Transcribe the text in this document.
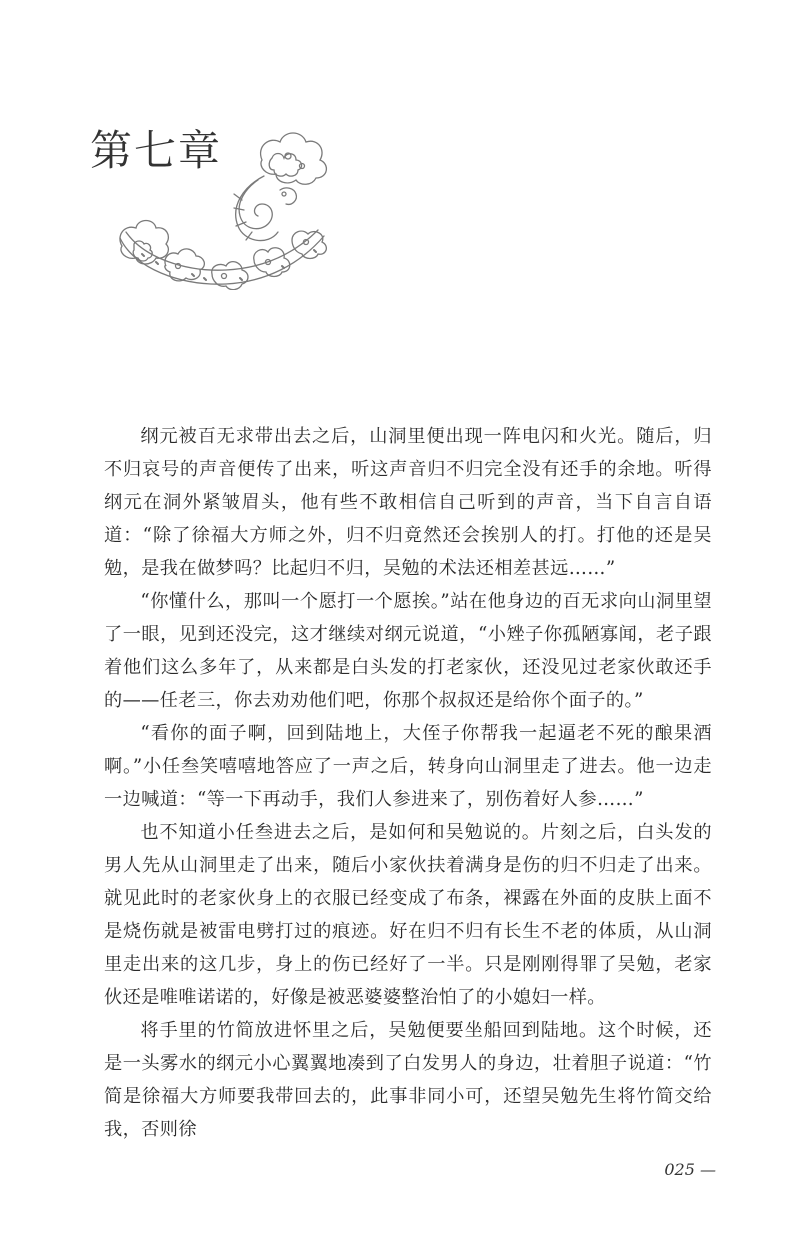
第七章

纲元被百无求带出去之后，山洞里便出现一阵电闪和火光。随后，归不归哀号的声音便传了出来，听这声音归不归完全没有还手的余地。听得纲元在洞外紧皱眉头，他有些不敢相信自己听到的声音，当下自言自语道：“除了徐福大方师之外，归不归竟然还会挨别人的打。打他的还是吴勉，是我在做梦吗？比起归不归，吴勉的术法还相差甚远……”

“你懂什么，那叫一个愿打一个愿挨。”站在他身边的百无求向山洞里望了一眼，见到还没完，这才继续对纲元说道，“小矬子你孤陋寡闻，老子跟着他们这么多年了，从来都是白头发的打老家伙，还没见过老家伙敢还手的——任老三，你去劝劝他们吧，你那个叔叔还是给你个面子的。”

“看你的面子啊，回到陆地上，大侄子你帮我一起逼老不死的酿果酒啊。”小任叁笑嘻嘻地答应了一声之后，转身向山洞里走了进去。他一边走一边喊道：“等一下再动手，我们人参进来了，别伤着好人参……”

也不知道小任叁进去之后，是如何和吴勉说的。片刻之后，白头发的男人先从山洞里走了出来，随后小家伙扶着满身是伤的归不归走了出来。就见此时的老家伙身上的衣服已经变成了布条，裸露在外面的皮肤上面不是烧伤就是被雷电劈打过的痕迹。好在归不归有长生不老的体质，从山洞里走出来的这几步，身上的伤已经好了一半。只是刚刚得罪了吴勉，老家伙还是唯唯诺诺的，好像是被恶婆婆整治怕了的小媳妇一样。

将手里的竹简放进怀里之后，吴勉便要坐船回到陆地。这个时候，还是一头雾水的纲元小心翼翼地凑到了白发男人的身边，壮着胆子说道：“竹简是徐福大方师要我带回去的，此事非同小可，还望吴勉先生将竹简交给我，否则徐

025 —
